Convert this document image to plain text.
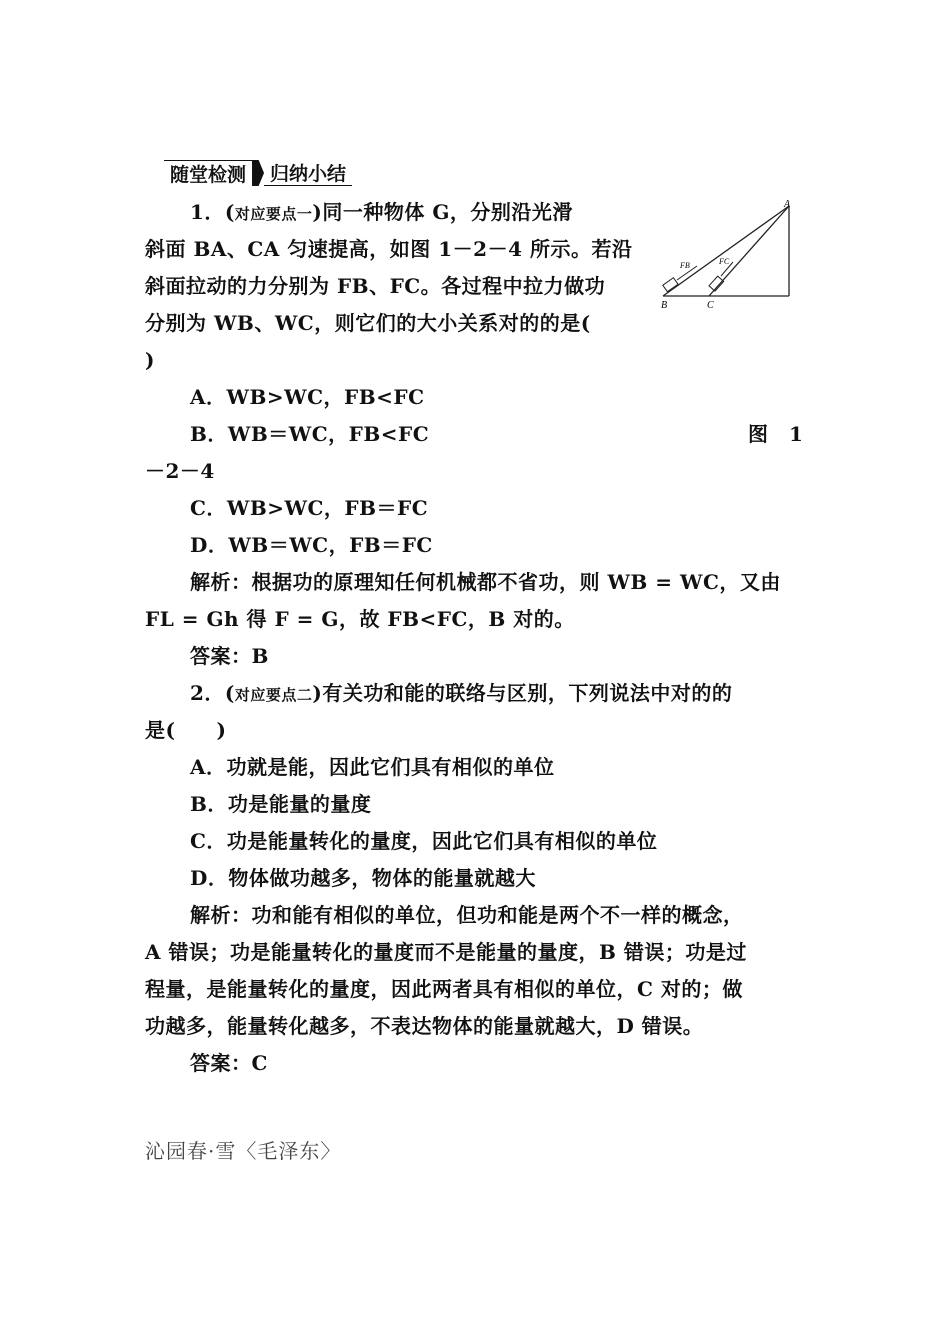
随堂检测	归纳小结
1．(对应要点一)同一种物体 G，分别沿光滑
斜面 BA、CA 匀速提高，如图 1－2－4 所示。若沿
斜面拉动的力分别为 FB、FC。各过程中拉力做功
分别为 WB、WC，则它们的大小关系对的的是(
)
A．WB>WC，FB<FC
B．WB＝WC，FB<FC	图　1
－2－4
C．WB>WC，FB＝FC
D．WB＝WC，FB＝FC
解析：根据功的原理知任何机械都不省功，则 WB = WC，又由
FL = Gh 得 F = G，故 FB<FC，B 对的。
答案：B
A
B	C
FB	FC
2．(对应要点二)有关功和能的联络与区别，下列说法中对的的
是(　　)
A．功就是能，因此它们具有相似的单位
B．功是能量的量度
C．功是能量转化的量度，因此它们具有相似的单位
D．物体做功越多，物体的能量就越大
解析：功和能有相似的单位，但功和能是两个不一样的概念，
A 错误；功是能量转化的量度而不是能量的量度，B 错误；功是过
程量，是能量转化的量度，因此两者具有相似的单位，C 对的；做
功越多，能量转化越多，不表达物体的能量就越大，D 错误。
答案：C
沁园春·雪〈毛泽东〉
